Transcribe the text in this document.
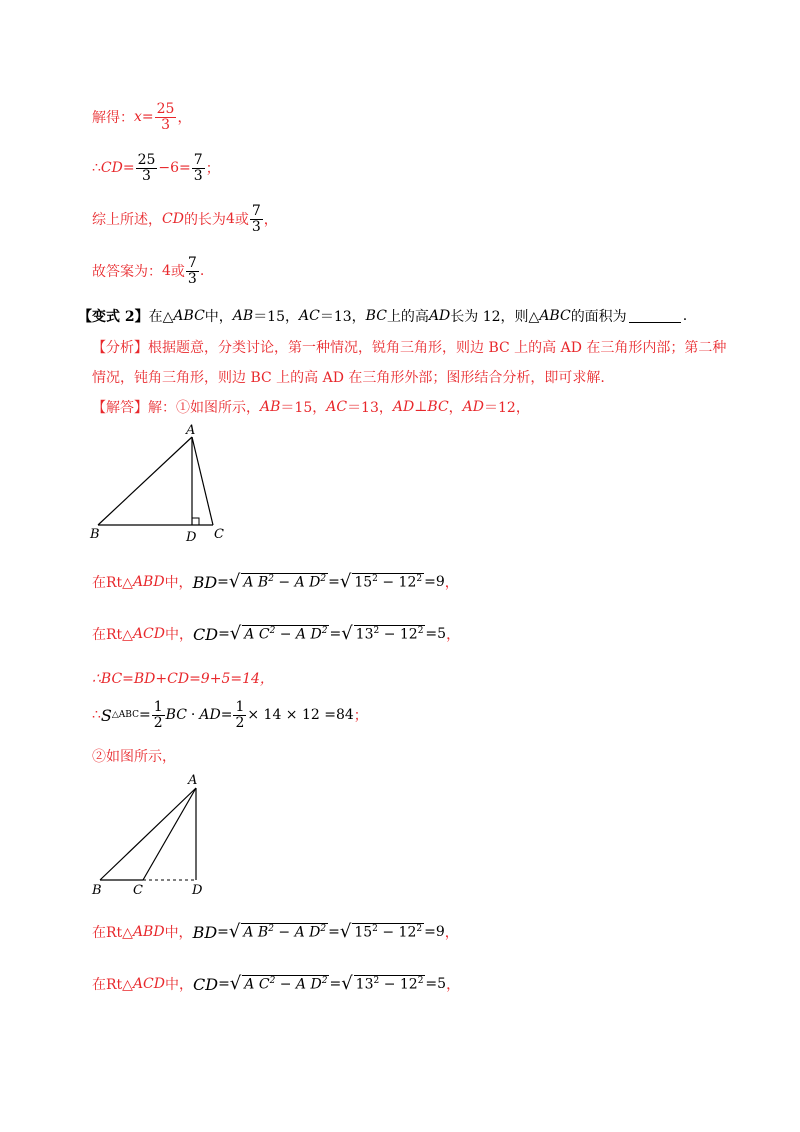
解得： $x = \frac{25}{3}$ ，
∴ CD = $\frac{25}{3} -6= \frac{7}{3}$ ；
综上所述， CD 的长为 4 或 $\frac{7}{3}$ ，
故答案为： 4 或 $\frac{7}{3}$ .
【变式 2】 在△ ABC 中， AB ＝15， AC ＝13， BC 上的高 AD 长为 12，则△ ABC 的面积为	.
【分析】根据题意，分类讨论，第一种情况，锐角三角形，则边 BC 上的高 AD 在三角形内部；第二种
情况，钝角三角形，则边 BC 上的高 AD 在三角形外部；图形结合分析，即可求解.
【解答】 解：①如图所示， AB ＝15， AC ＝13， AD ⊥ BC ， AD ＝12，
A
B	C
D
在Rt△ ABD 中， BD = √ A $B^2 - A$ $D^2$ = √ $15^2 - 12^2 =9$ ，
在Rt△ ACD 中， CD = √ A $C^2 - A$ $D^2$ = √ $13^2 - 12^2 =5$ ，
∴BC=BD+CD=9+5=14，
∴ S △ABC = $\frac{1}{2}$ BC · AD = $\frac{1}{2} \times 14 \times 12 =84$ ；
②如图所示，
A
B C	D
在Rt△ ABD 中， BD = √ A $B^2 - A$ $D^2$ = √ $15^2 - 12^2 =9$ ，
在Rt△ ACD 中， CD = √ A $C^2 - A$ $D^2$ = √ $13^2 - 12^2 =5$ ，
